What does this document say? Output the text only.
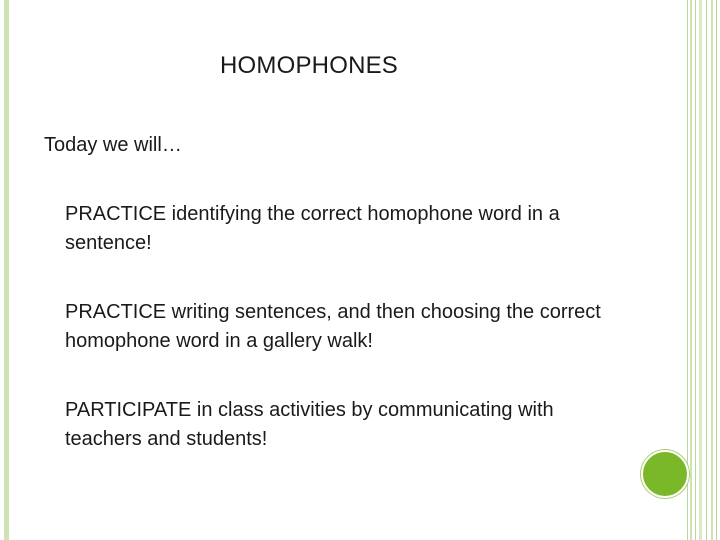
HOMOPHONES
Today we will…
PRACTICE identifying the correct homophone word in a sentence!
PRACTICE writing sentences, and then choosing the correct homophone word in a gallery walk!
PARTICIPATE in class activities by communicating with teachers and students!
